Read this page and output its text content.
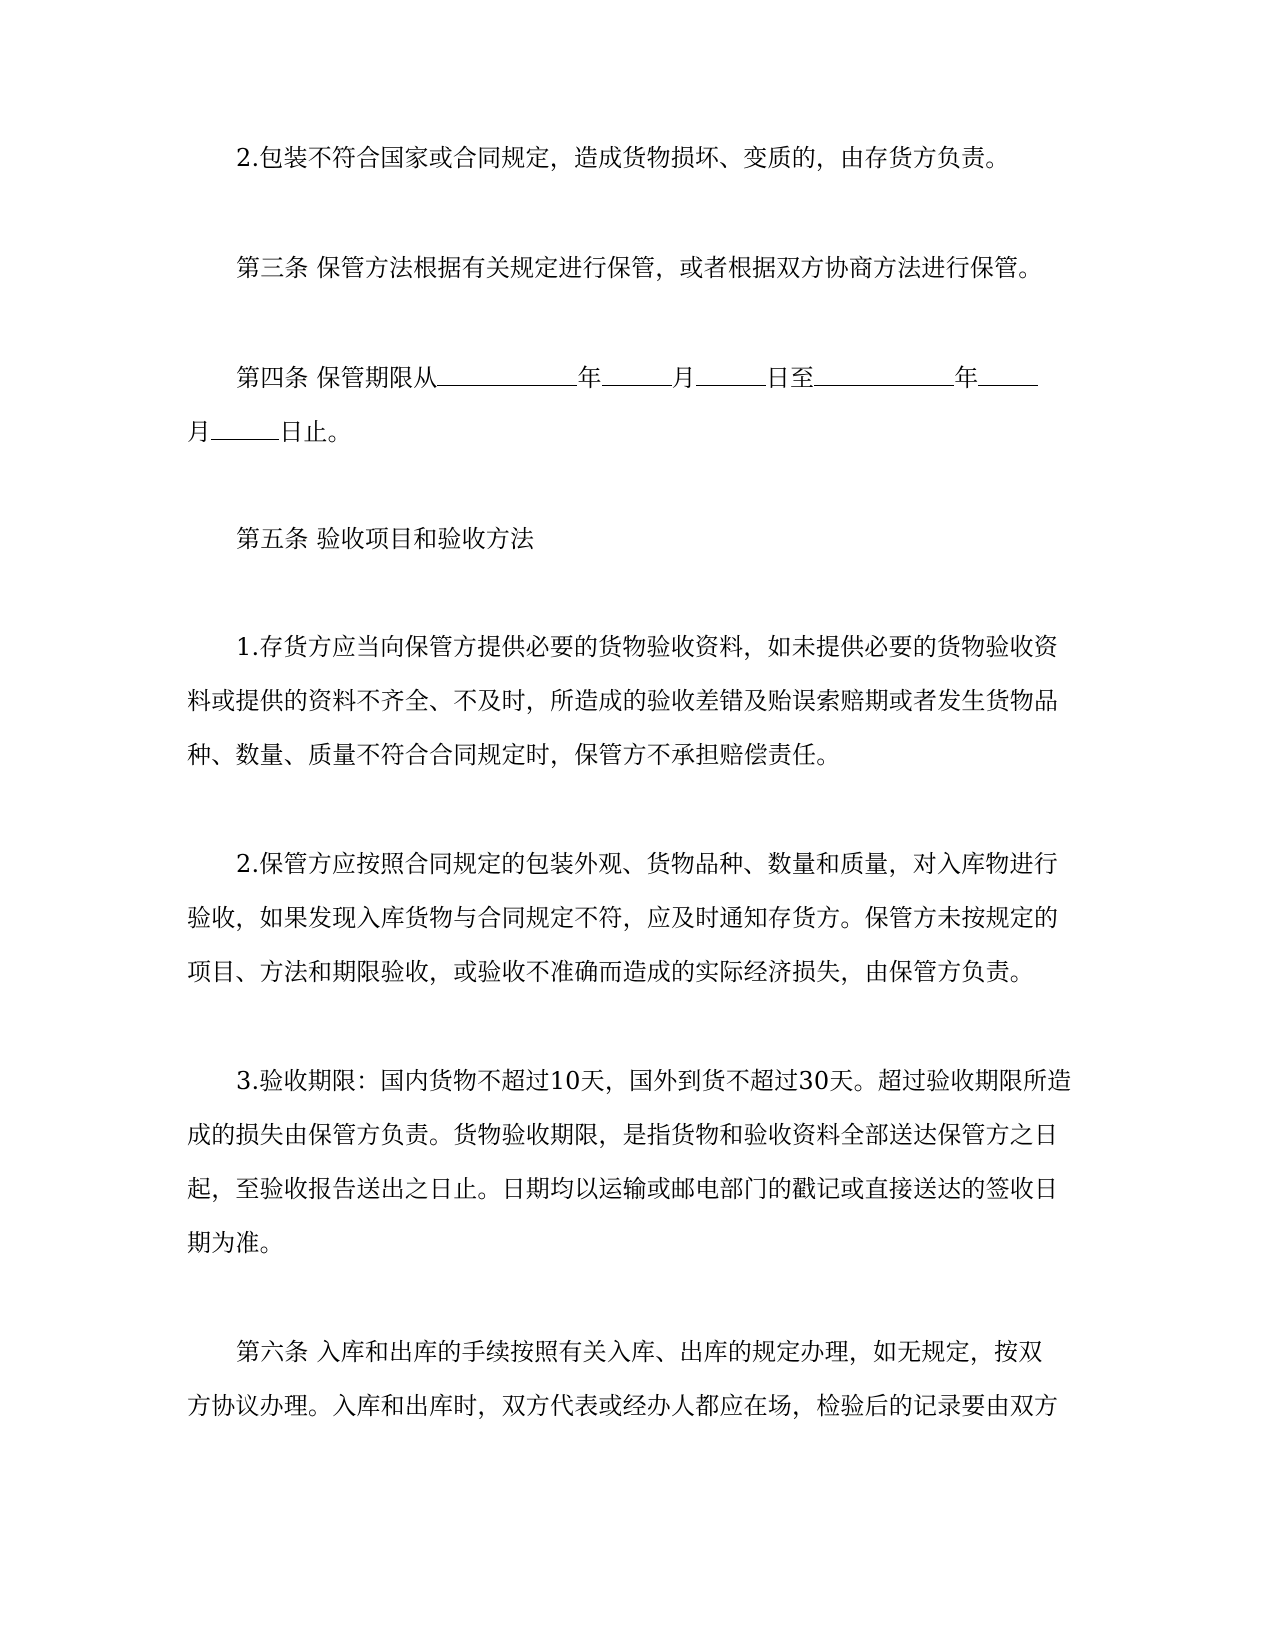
2.包装不符合国家或合同规定，造成货物损坏、变质的，由存货方负责。
第三条 保管方法根据有关规定进行保管，或者根据双方协商方法进行保管。
第四条 保管期限从	年	月	日至	年
月	日止。
第五条 验收项目和验收方法
1.存货方应当向保管方提供必要的货物验收资料，如未提供必要的货物验收资
料或提供的资料不齐全、不及时，所造成的验收差错及贻误索赔期或者发生货物品
种、数量、质量不符合合同规定时，保管方不承担赔偿责任。
2.保管方应按照合同规定的包装外观、货物品种、数量和质量，对入库物进行
验收，如果发现入库货物与合同规定不符，应及时通知存货方。保管方未按规定的
项目、方法和期限验收，或验收不准确而造成的实际经济损失，由保管方负责。
3.验收期限：国内货物不超过10天，国外到货不超过30天。超过验收期限所造
成的损失由保管方负责。货物验收期限，是指货物和验收资料全部送达保管方之日
起，至验收报告送出之日止。日期均以运输或邮电部门的戳记或直接送达的签收日
期为准。
第六条 入库和出库的手续按照有关入库、出库的规定办理，如无规定，按双
方协议办理。入库和出库时，双方代表或经办人都应在场，检验后的记录要由双方
